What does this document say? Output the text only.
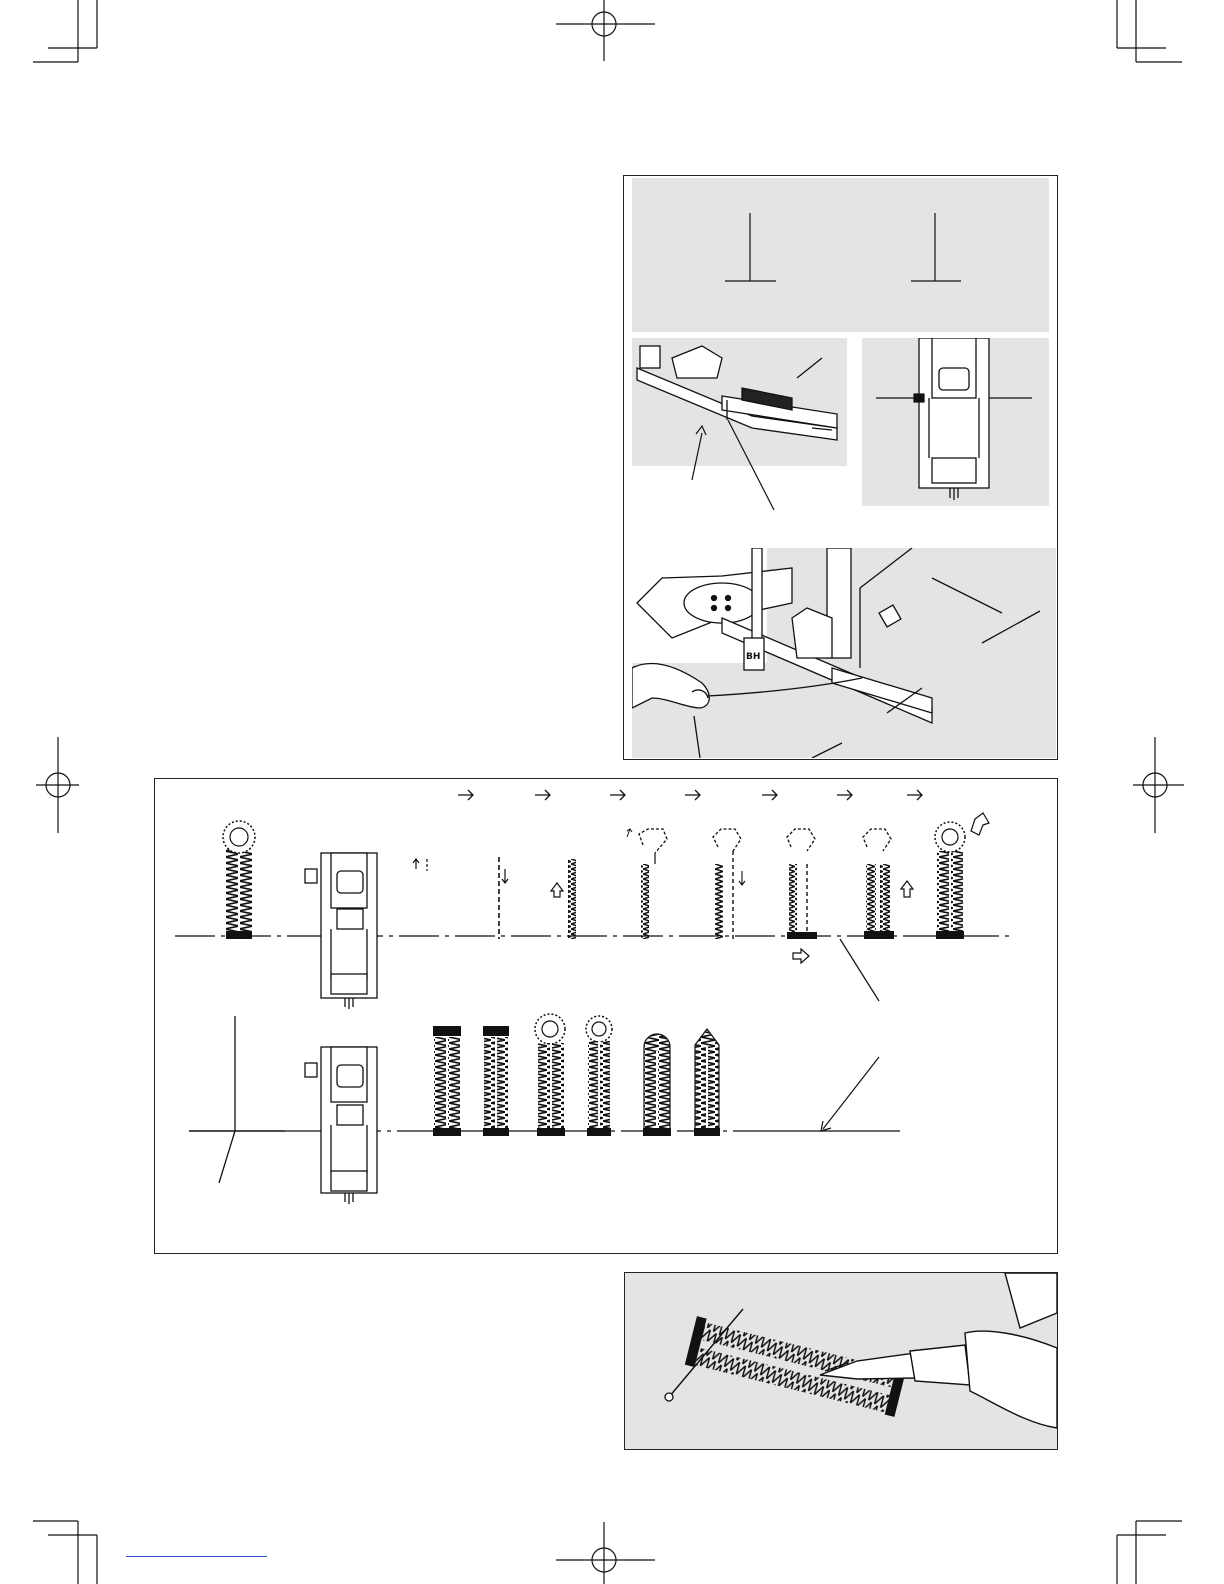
BH
